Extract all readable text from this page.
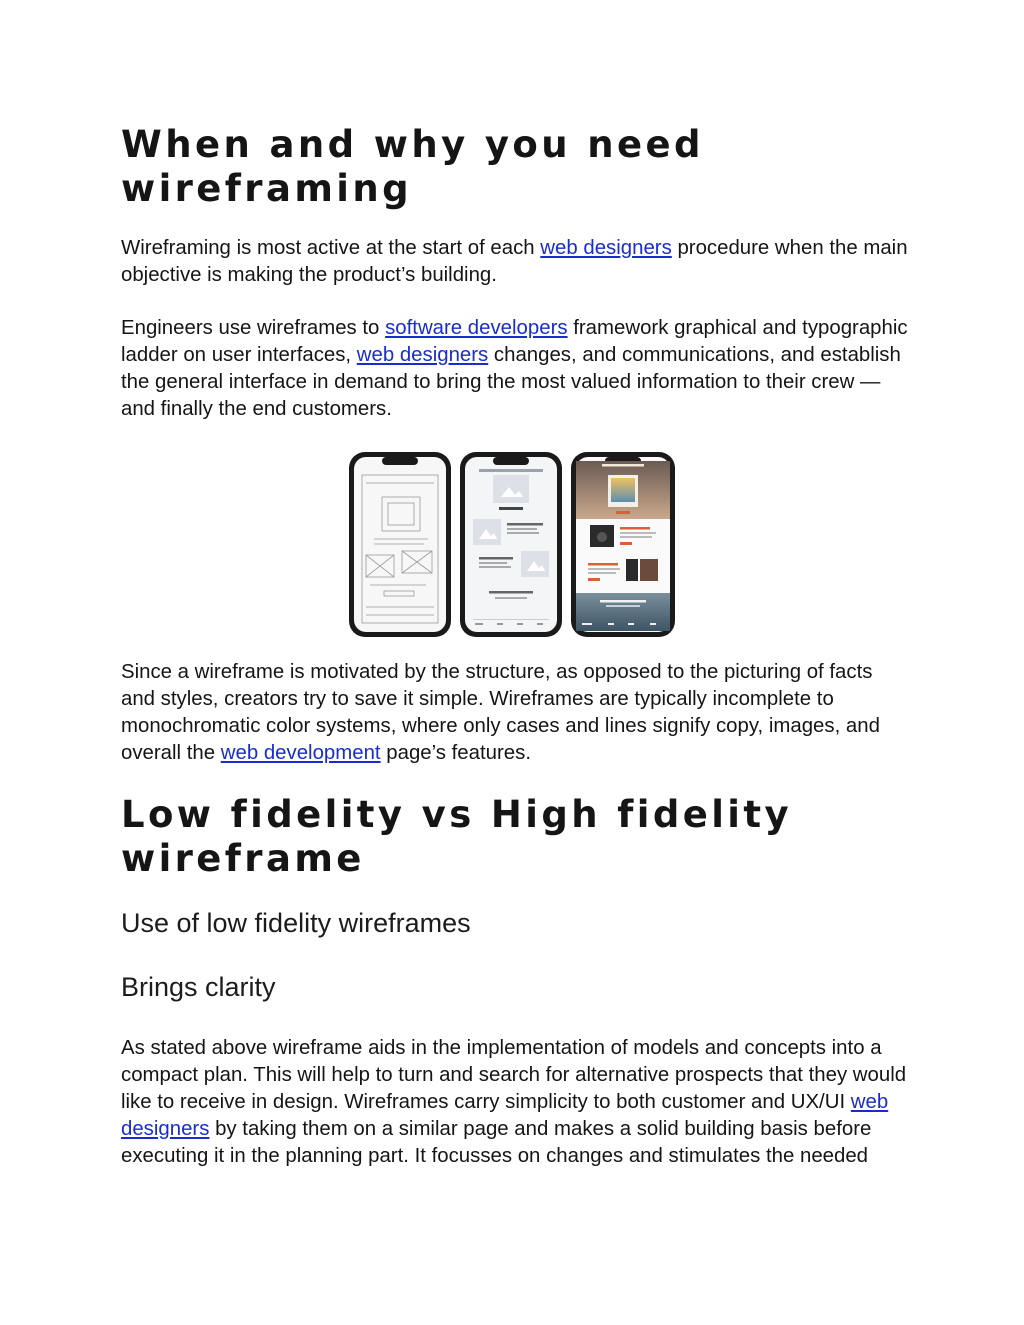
When and why you need wireframing

Wireframing is most active at the start of each web designers procedure when the main objective is making the product’s building.

Engineers use wireframes to software developers framework graphical and typographic ladder on user interfaces, web designers changes, and communications, and establish the general interface in demand to bring the most valued information to their crew — and finally the end customers.

Since a wireframe is motivated by the structure, as opposed to the picturing of facts and styles, creators try to save it simple. Wireframes are typically incomplete to monochromatic color systems, where only cases and lines signify copy, images, and overall the web development page’s features.

Low fidelity vs High fidelity wireframe
Use of low fidelity wireframes
Brings clarity

As stated above wireframe aids in the implementation of models and concepts into a compact plan. This will help to turn and search for alternative prospects that they would like to receive in design. Wireframes carry simplicity to both customer and UX/UI web designers by taking them on a similar page and makes a solid building basis before executing it in the planning part. It focusses on changes and stimulates the needed
